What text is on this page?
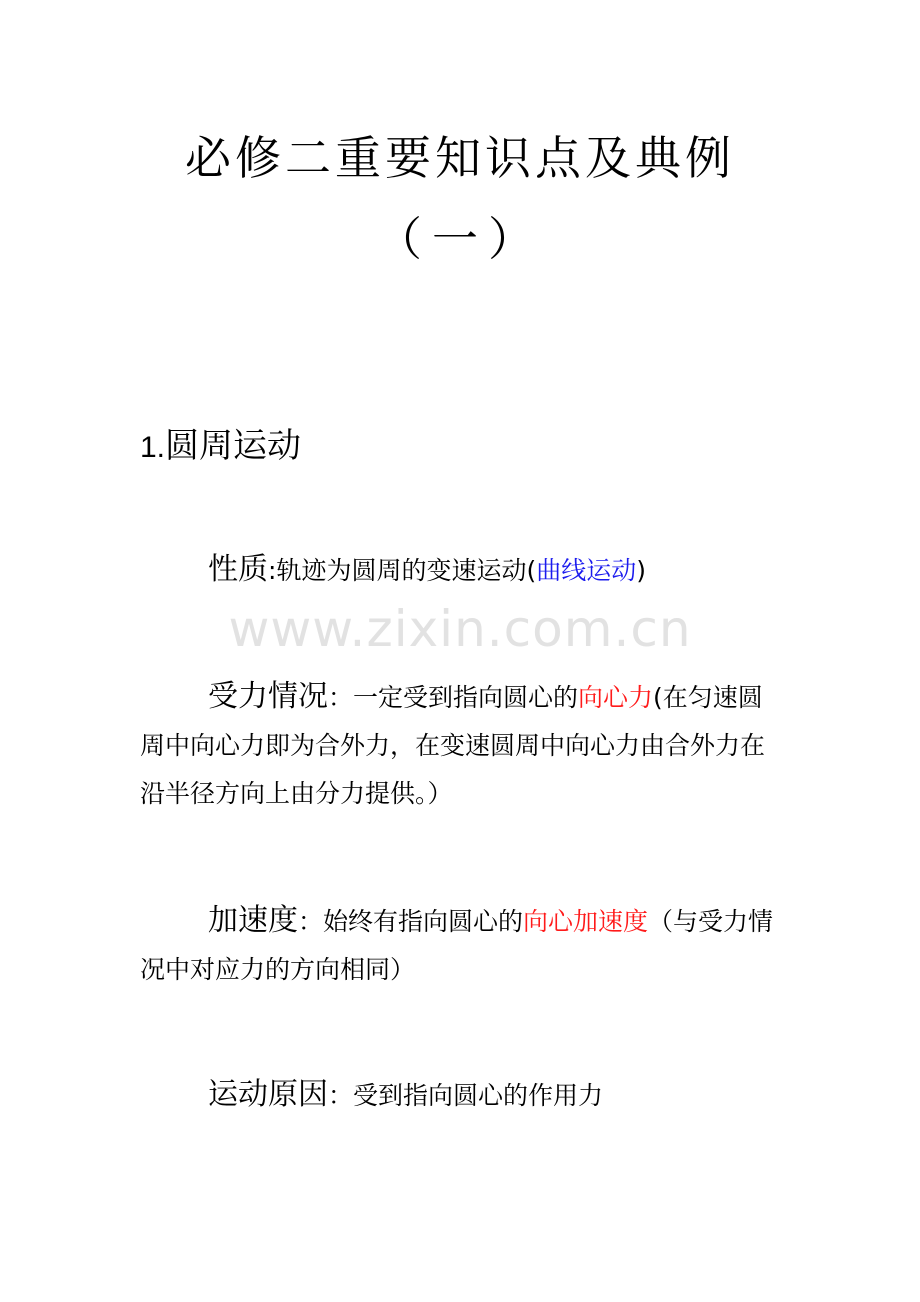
必修二重要知识点及典例
（一）
1.圆周运动
www.zixin.com.cn
性质:轨迹为圆周的变速运动(曲线运动)
受力情况：一定受到指向圆心的向心力(在匀速圆周中向心力即为合外力，在变速圆周中向心力由合外力在沿半径方向上由分力提供。）
加速度：始终有指向圆心的向心加速度（与受力情况中对应力的方向相同）
运动原因：受到指向圆心的作用力
